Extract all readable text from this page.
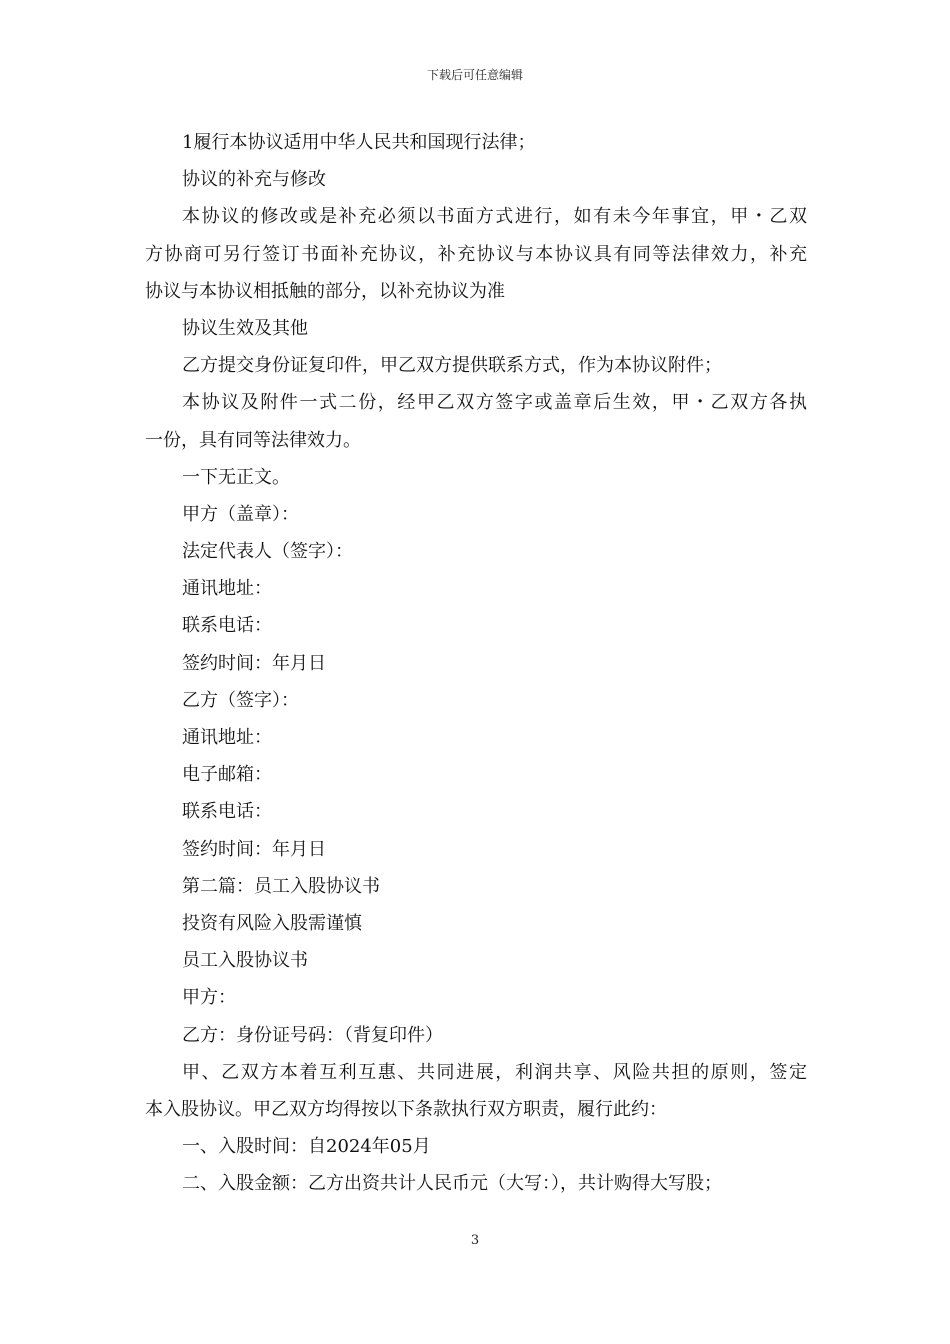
下载后可任意编辑
1履行本协议适用中华人民共和国现行法律；
协议的补充与修改
本协议的修改或是补充必须以书面方式进行，如有未今年事宜，甲・乙双
方协商可另行签订书面补充协议，补充协议与本协议具有同等法律效力，补充
协议与本协议相抵触的部分，以补充协议为准
协议生效及其他
乙方提交身份证复印件，甲乙双方提供联系方式，作为本协议附件；
本协议及附件一式二份，经甲乙双方签字或盖章后生效，甲・乙双方各执
一份，具有同等法律效力。
一下无正文。
甲方（盖章）：
法定代表人（签字）：
通讯地址：
联系电话：
签约时间：年月日
乙方（签字）：
通讯地址：
电子邮箱：
联系电话：
签约时间：年月日
第二篇：员工入股协议书
投资有风险入股需谨慎
员工入股协议书
甲方：
乙方：身份证号码：（背复印件）
甲、乙双方本着互利互惠、共同进展，利润共享、风险共担的原则，签定
本入股协议。甲乙双方均得按以下条款执行双方职责，履行此约：
一、入股时间：自2024年05月
二、入股金额：乙方出资共计人民币元（大写：），共计购得大写股；
3
